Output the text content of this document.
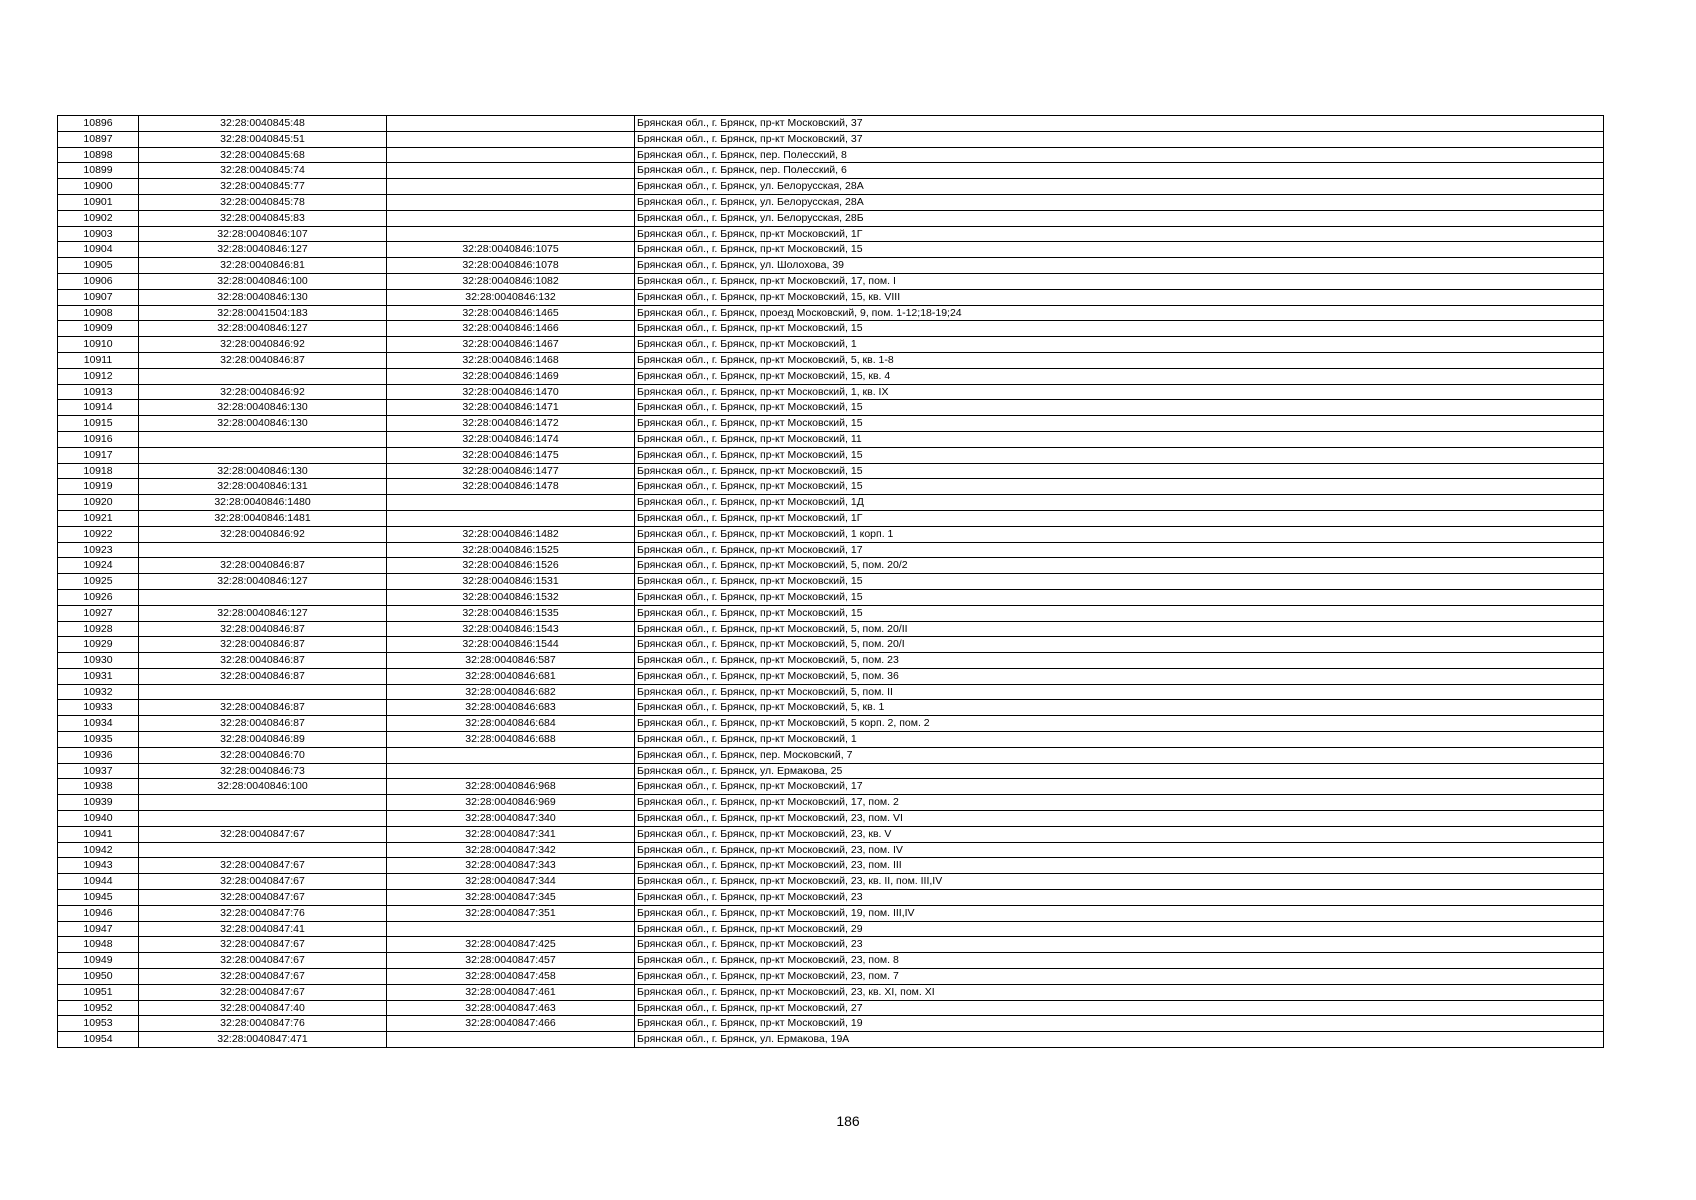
10896	32:28:0040845:48		Брянская обл., г. Брянск, пр-кт Московский, 37
10897	32:28:0040845:51		Брянская обл., г. Брянск, пр-кт Московский, 37
10898	32:28:0040845:68		Брянская обл., г. Брянск, пер. Полесский, 8
10899	32:28:0040845:74		Брянская обл., г. Брянск, пер. Полесский, 6
10900	32:28:0040845:77		Брянская обл., г. Брянск, ул. Белорусская, 28А
10901	32:28:0040845:78		Брянская обл., г. Брянск, ул. Белорусская, 28А
10902	32:28:0040845:83		Брянская обл., г. Брянск, ул. Белорусская, 28Б
10903	32:28:0040846:107		Брянская обл., г. Брянск, пр-кт Московский, 1Г
10904	32:28:0040846:127	32:28:0040846:1075	Брянская обл., г. Брянск, пр-кт Московский, 15
10905	32:28:0040846:81	32:28:0040846:1078	Брянская обл., г. Брянск, ул. Шолохова, 39
10906	32:28:0040846:100	32:28:0040846:1082	Брянская обл., г. Брянск, пр-кт Московский, 17, пом. I
10907	32:28:0040846:130	32:28:0040846:132	Брянская обл., г. Брянск, пр-кт Московский, 15, кв. VIII
10908	32:28:0041504:183	32:28:0040846:1465	Брянская обл., г. Брянск, проезд Московский, 9, пом. 1-12;18-19;24
10909	32:28:0040846:127	32:28:0040846:1466	Брянская обл., г. Брянск, пр-кт Московский, 15
10910	32:28:0040846:92	32:28:0040846:1467	Брянская обл., г. Брянск, пр-кт Московский, 1
10911	32:28:0040846:87	32:28:0040846:1468	Брянская обл., г. Брянск, пр-кт Московский, 5, кв. 1-8
10912		32:28:0040846:1469	Брянская обл., г. Брянск, пр-кт Московский, 15, кв. 4
10913	32:28:0040846:92	32:28:0040846:1470	Брянская обл., г. Брянск, пр-кт Московский, 1, кв. IX
10914	32:28:0040846:130	32:28:0040846:1471	Брянская обл., г. Брянск, пр-кт Московский, 15
10915	32:28:0040846:130	32:28:0040846:1472	Брянская обл., г. Брянск, пр-кт Московский, 15
10916		32:28:0040846:1474	Брянская обл., г. Брянск, пр-кт Московский, 11
10917		32:28:0040846:1475	Брянская обл., г. Брянск, пр-кт Московский, 15
10918	32:28:0040846:130	32:28:0040846:1477	Брянская обл., г. Брянск, пр-кт Московский, 15
10919	32:28:0040846:131	32:28:0040846:1478	Брянская обл., г. Брянск, пр-кт Московский, 15
10920	32:28:0040846:1480		Брянская обл., г. Брянск, пр-кт Московский, 1Д
10921	32:28:0040846:1481		Брянская обл., г. Брянск, пр-кт Московский, 1Г
10922	32:28:0040846:92	32:28:0040846:1482	Брянская обл., г. Брянск, пр-кт Московский, 1 корп. 1
10923		32:28:0040846:1525	Брянская обл., г. Брянск, пр-кт Московский, 17
10924	32:28:0040846:87	32:28:0040846:1526	Брянская обл., г. Брянск, пр-кт Московский, 5, пом. 20/2
10925	32:28:0040846:127	32:28:0040846:1531	Брянская обл., г. Брянск, пр-кт Московский, 15
10926		32:28:0040846:1532	Брянская обл., г. Брянск, пр-кт Московский, 15
10927	32:28:0040846:127	32:28:0040846:1535	Брянская обл., г. Брянск, пр-кт Московский, 15
10928	32:28:0040846:87	32:28:0040846:1543	Брянская обл., г. Брянск, пр-кт Московский, 5, пом. 20/II
10929	32:28:0040846:87	32:28:0040846:1544	Брянская обл., г. Брянск, пр-кт Московский, 5, пом. 20/I
10930	32:28:0040846:87	32:28:0040846:587	Брянская обл., г. Брянск, пр-кт Московский, 5, пом. 23
10931	32:28:0040846:87	32:28:0040846:681	Брянская обл., г. Брянск, пр-кт Московский, 5, пом. 36
10932		32:28:0040846:682	Брянская обл., г. Брянск, пр-кт Московский, 5, пом. II
10933	32:28:0040846:87	32:28:0040846:683	Брянская обл., г. Брянск, пр-кт Московский, 5, кв. 1
10934	32:28:0040846:87	32:28:0040846:684	Брянская обл., г. Брянск, пр-кт Московский, 5 корп. 2, пом. 2
10935	32:28:0040846:89	32:28:0040846:688	Брянская обл., г. Брянск, пр-кт Московский, 1
10936	32:28:0040846:70		Брянская обл., г. Брянск, пер. Московский, 7
10937	32:28:0040846:73		Брянская обл., г. Брянск, ул. Ермакова, 25
10938	32:28:0040846:100	32:28:0040846:968	Брянская обл., г. Брянск, пр-кт Московский, 17
10939		32:28:0040846:969	Брянская обл., г. Брянск, пр-кт Московский, 17, пом. 2
10940		32:28:0040847:340	Брянская обл., г. Брянск, пр-кт Московский, 23, пом. VI
10941	32:28:0040847:67	32:28:0040847:341	Брянская обл., г. Брянск, пр-кт Московский, 23, кв. V
10942		32:28:0040847:342	Брянская обл., г. Брянск, пр-кт Московский, 23, пом. IV
10943	32:28:0040847:67	32:28:0040847:343	Брянская обл., г. Брянск, пр-кт Московский, 23, пом. III
10944	32:28:0040847:67	32:28:0040847:344	Брянская обл., г. Брянск, пр-кт Московский, 23, кв. II, пом. III,IV
10945	32:28:0040847:67	32:28:0040847:345	Брянская обл., г. Брянск, пр-кт Московский, 23
10946	32:28:0040847:76	32:28:0040847:351	Брянская обл., г. Брянск, пр-кт Московский, 19, пом. III,IV
10947	32:28:0040847:41		Брянская обл., г. Брянск, пр-кт Московский, 29
10948	32:28:0040847:67	32:28:0040847:425	Брянская обл., г. Брянск, пр-кт Московский, 23
10949	32:28:0040847:67	32:28:0040847:457	Брянская обл., г. Брянск, пр-кт Московский, 23, пом. 8
10950	32:28:0040847:67	32:28:0040847:458	Брянская обл., г. Брянск, пр-кт Московский, 23, пом. 7
10951	32:28:0040847:67	32:28:0040847:461	Брянская обл., г. Брянск, пр-кт Московский, 23, кв. XI, пом. XI
10952	32:28:0040847:40	32:28:0040847:463	Брянская обл., г. Брянск, пр-кт Московский, 27
10953	32:28:0040847:76	32:28:0040847:466	Брянская обл., г. Брянск, пр-кт Московский, 19
10954	32:28:0040847:471		Брянская обл., г. Брянск, ул. Ермакова, 19А
186
